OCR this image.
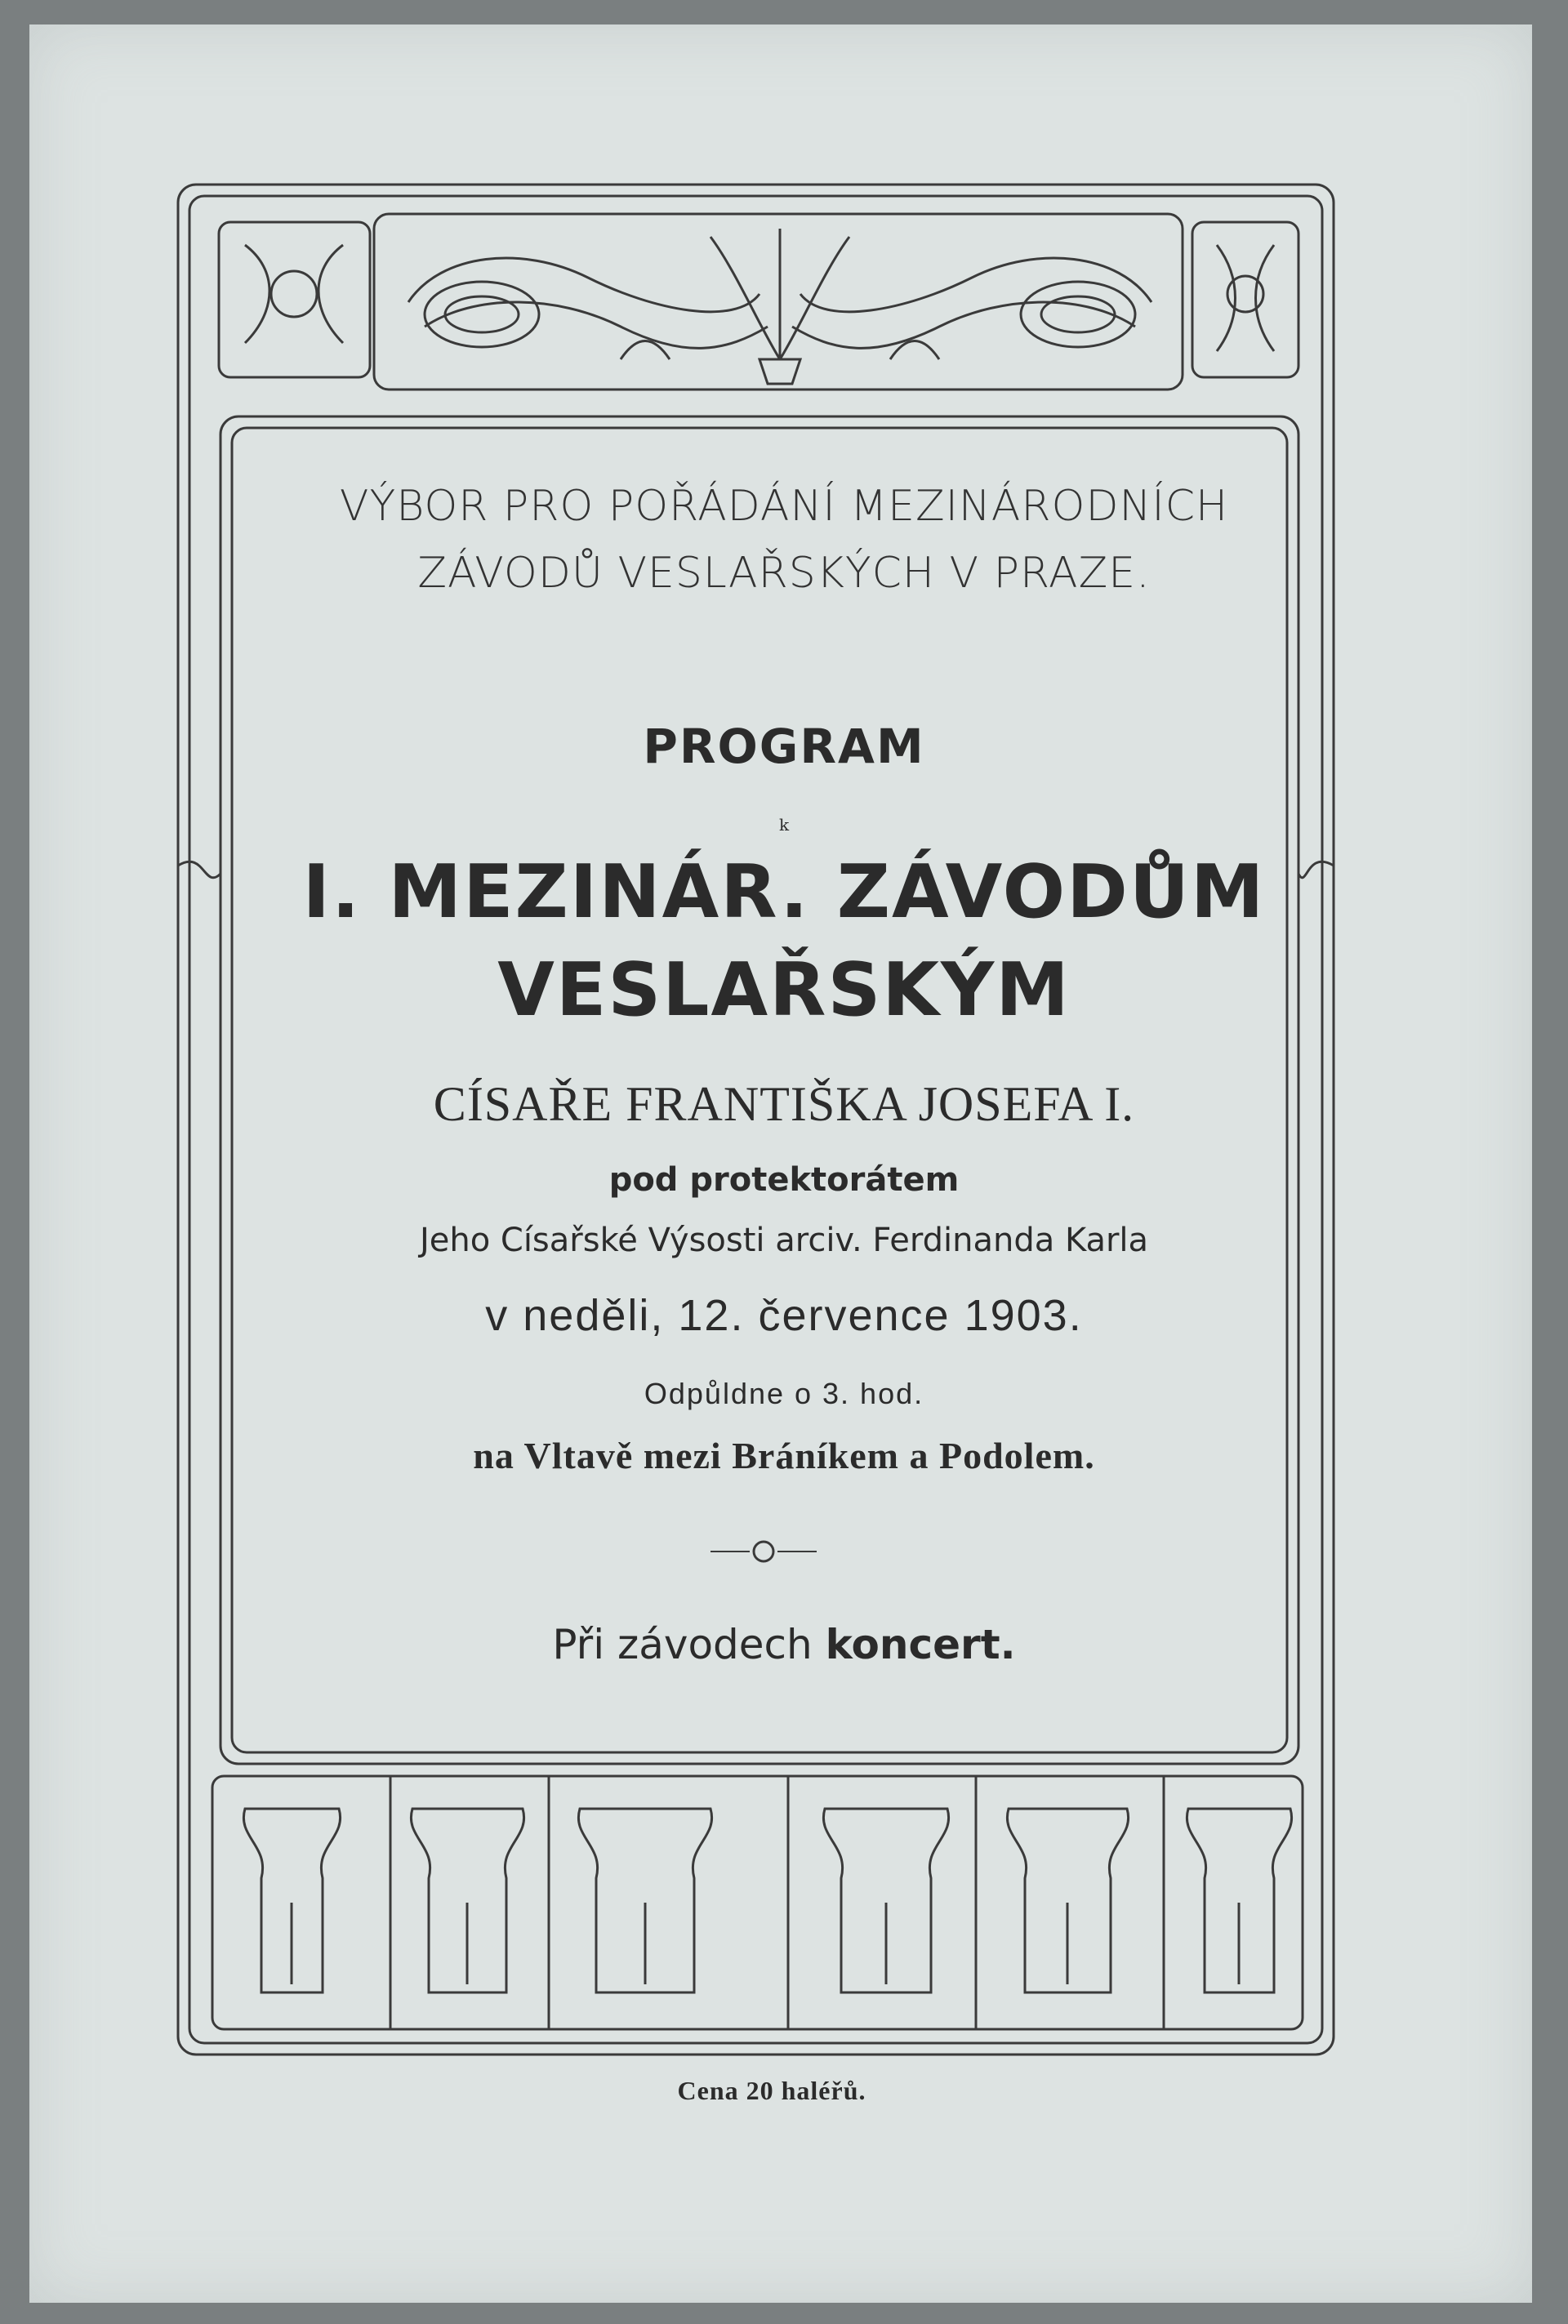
VÝBOR PRO POŘÁDÁNÍ MEZINÁRODNÍCH
ZÁVODŮ VESLAŘSKÝCH V PRAZE.
PROGRAM
k
I. MEZINÁR. ZÁVODŮM
VESLAŘSKÝM
CÍSAŘE FRANTIŠKA JOSEFA I.
pod protektorátem
Jeho Císařské Výsosti arciv. Ferdinanda Karla
v neděli, 12. července 1903.
Odpůldne o 3. hod.
na Vltavě mezi Bráníkem a Podolem.
Při závodech koncert.
Cena 20 haléřů.
